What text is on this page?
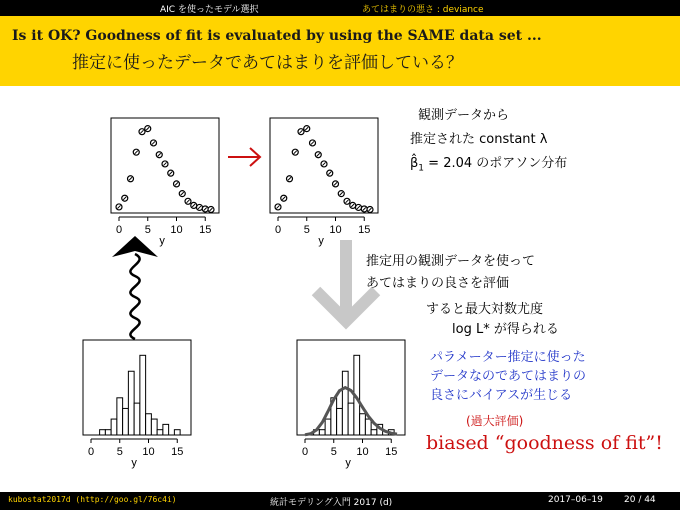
AIC を使ったモデル選択	あてはまりの悪さ : deviance
Is it OK? Goodness of fit is evaluated by using the SAME data set ...
推定に使ったデータであてはまりを評価している？
0 5 10 15
y
0 5 10 15
y
0 5 10 15
y
0 5 10 15
y
観測データから
推定された constant λ
$\betâ_1 = 2.04$ のポアソン分布
推定用の観測データを使って
あてはまりの良さを評価
すると最大対数尤度
log L* が得られる
パラメーター推定に使った
データなのであてはまりの
良さにバイアスが生じる
(過大評価)
biased “goodness of fit”!
kubostat2017d (http://goo.gl/76c4i)	統計モデリング入門 2017 (d)	2017–06–19 20 / 44
